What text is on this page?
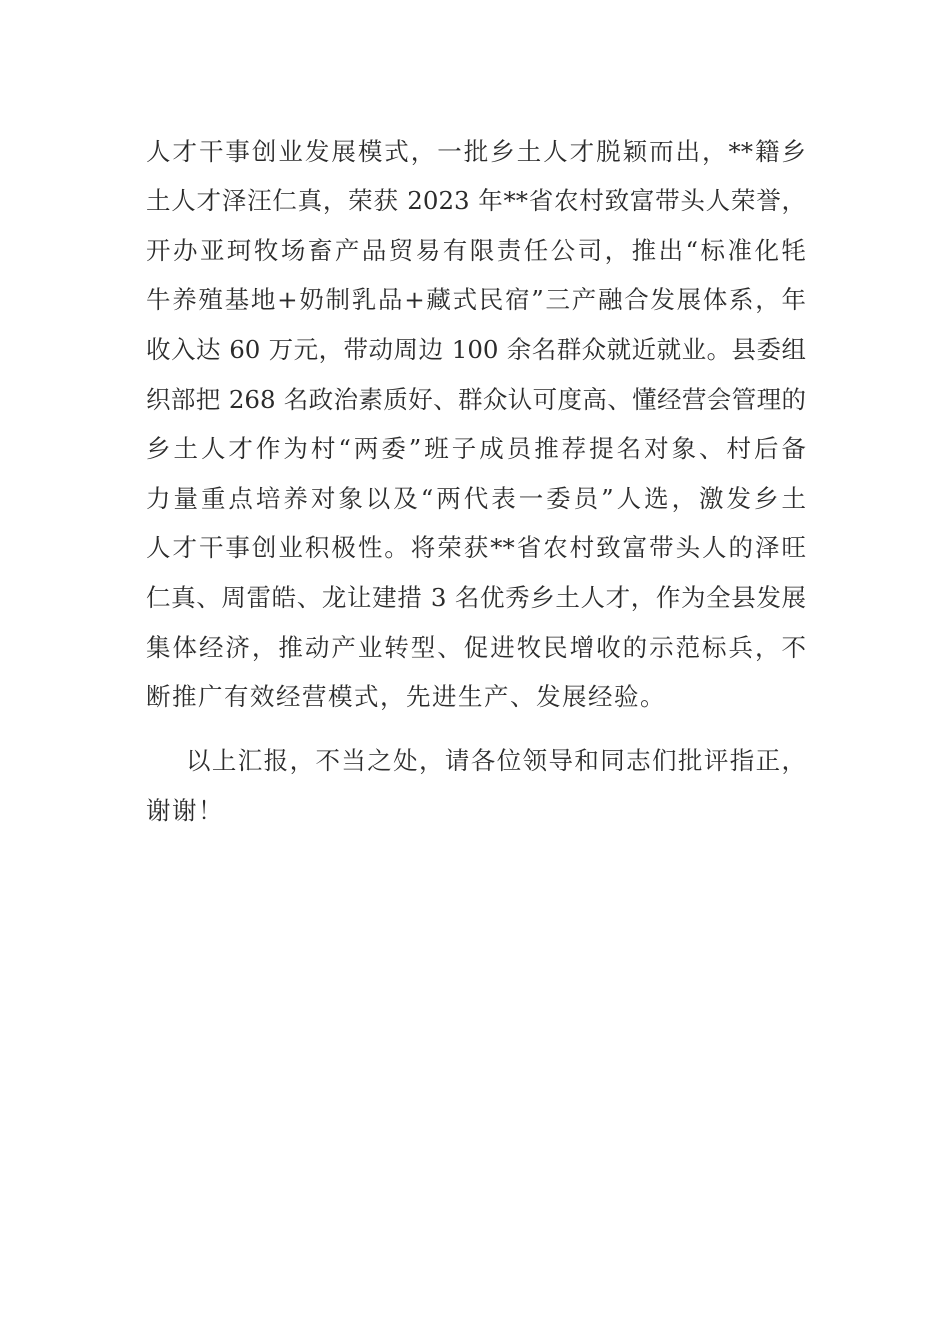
人才干事创业发展模式，一批乡土人才脱颖而出，**籍乡
土人才泽汪仁真，荣获 2023 年**省农村致富带头人荣誉，
开办亚珂牧场畜产品贸易有限责任公司，推出“标准化牦
牛养殖基地+奶制乳品+藏式民宿”三产融合发展体系，年
收入达 60 万元，带动周边 100 余名群众就近就业。县委组
织部把 268 名政治素质好、群众认可度高、懂经营会管理的
乡土人才作为村“两委”班子成员推荐提名对象、村后备
力量重点培养对象以及“两代表一委员”人选，激发乡土
人才干事创业积极性。将荣获**省农村致富带头人的泽旺
仁真、周雷皓、龙让建措 3 名优秀乡土人才，作为全县发展
集体经济，推动产业转型、促进牧民增收的示范标兵，不
断推广有效经营模式，先进生产、发展经验。
以上汇报，不当之处，请各位领导和同志们批评指正，
谢谢！
